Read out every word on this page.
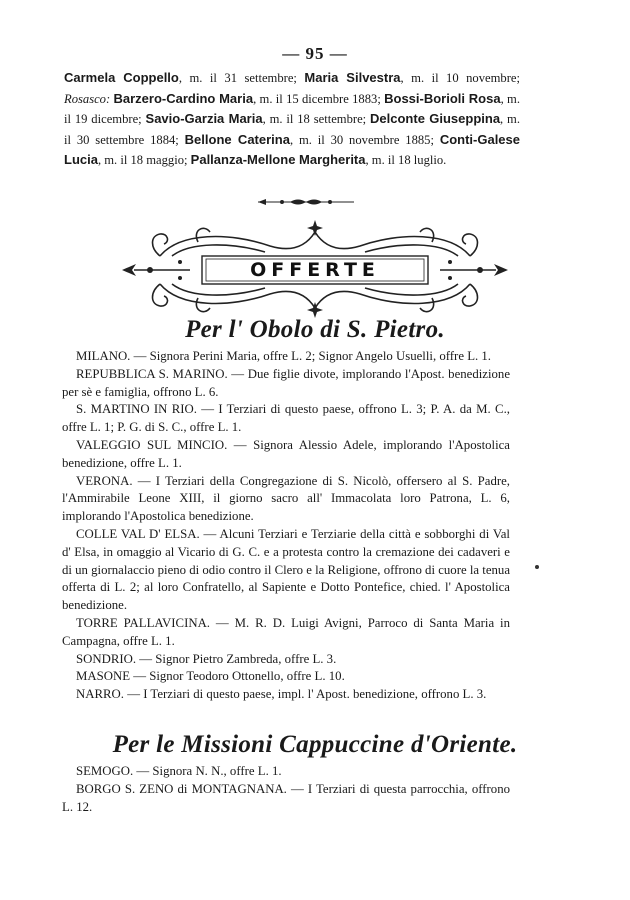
— 95 —
Carmela Coppello, m. il 31 settembre; Maria Silvestra, m. il 10 novembre; Rosasco: Barzero-Cardino Maria, m. il 15 dicembre 1883; Bossi-Borioli Rosa, m. il 19 dicembre; Savio-Garzia Maria, m. il 18 settembre; Delconte Giuseppina, m. il 30 settembre 1884; Bellone Caterina, m. il 30 novembre 1885; Conti-Galese Lucia, m. il 18 maggio; Pallanza-Mellone Margherita, m. il 18 luglio.
OFFERTE
Per l' Obolo di S. Pietro.

MILANO. — Signora Perini Maria, offre L. 2; Signor Angelo Usuelli, offre L. 1.

REPUBBLICA S. MARINO. — Due figlie divote, implorando l'Apost. benedizione per sè e famiglia, offrono L. 6.

S. MARTINO IN RIO. — I Terziari di questo paese, offrono L. 3; P. A. da M. C., offre L. 1; P. G. di S. C., offre L. 1.

VALEGGIO SUL MINCIO. — Signora Alessio Adele, implorando l'Apostolica benedizione, offre L. 1.

VERONA. — I Terziari della Congregazione di S. Nicolò, offersero al S. Padre, l'Ammirabile Leone XIII, il giorno sacro all' Immacolata loro Patrona, L. 6, implorando l'Apostolica benedizione.

COLLE VAL D' ELSA. — Alcuni Terziari e Terziarie della città e sobborghi di Val d' Elsa, in omaggio al Vicario di G. C. e a protesta contro la cremazione dei cadaveri e di un giornalaccio pieno di odio contro il Clero e la Religione, offrono di cuore la tenua offerta di L. 2; al loro Confratello, al Sapiente e Dotto Pontefice, chied. l' Apostolica benedizione.

TORRE PALLAVICINA. — M. R. D. Luigi Avigni, Parroco di Santa Maria in Campagna, offre L. 1.

SONDRIO. — Signor Pietro Zambreda, offre L. 3.

MASONE — Signor Teodoro Ottonello, offre L. 10.

NARRO. — I Terziari di questo paese, impl. l' Apost. benedizione, offrono L. 3.

Per le Missioni Cappuccine d'Oriente.

SEMOGO. — Signora N. N., offre L. 1.

BORGO S. ZENO di MONTAGNANA. — I Terziari di questa parrocchia, offrono L. 12.
